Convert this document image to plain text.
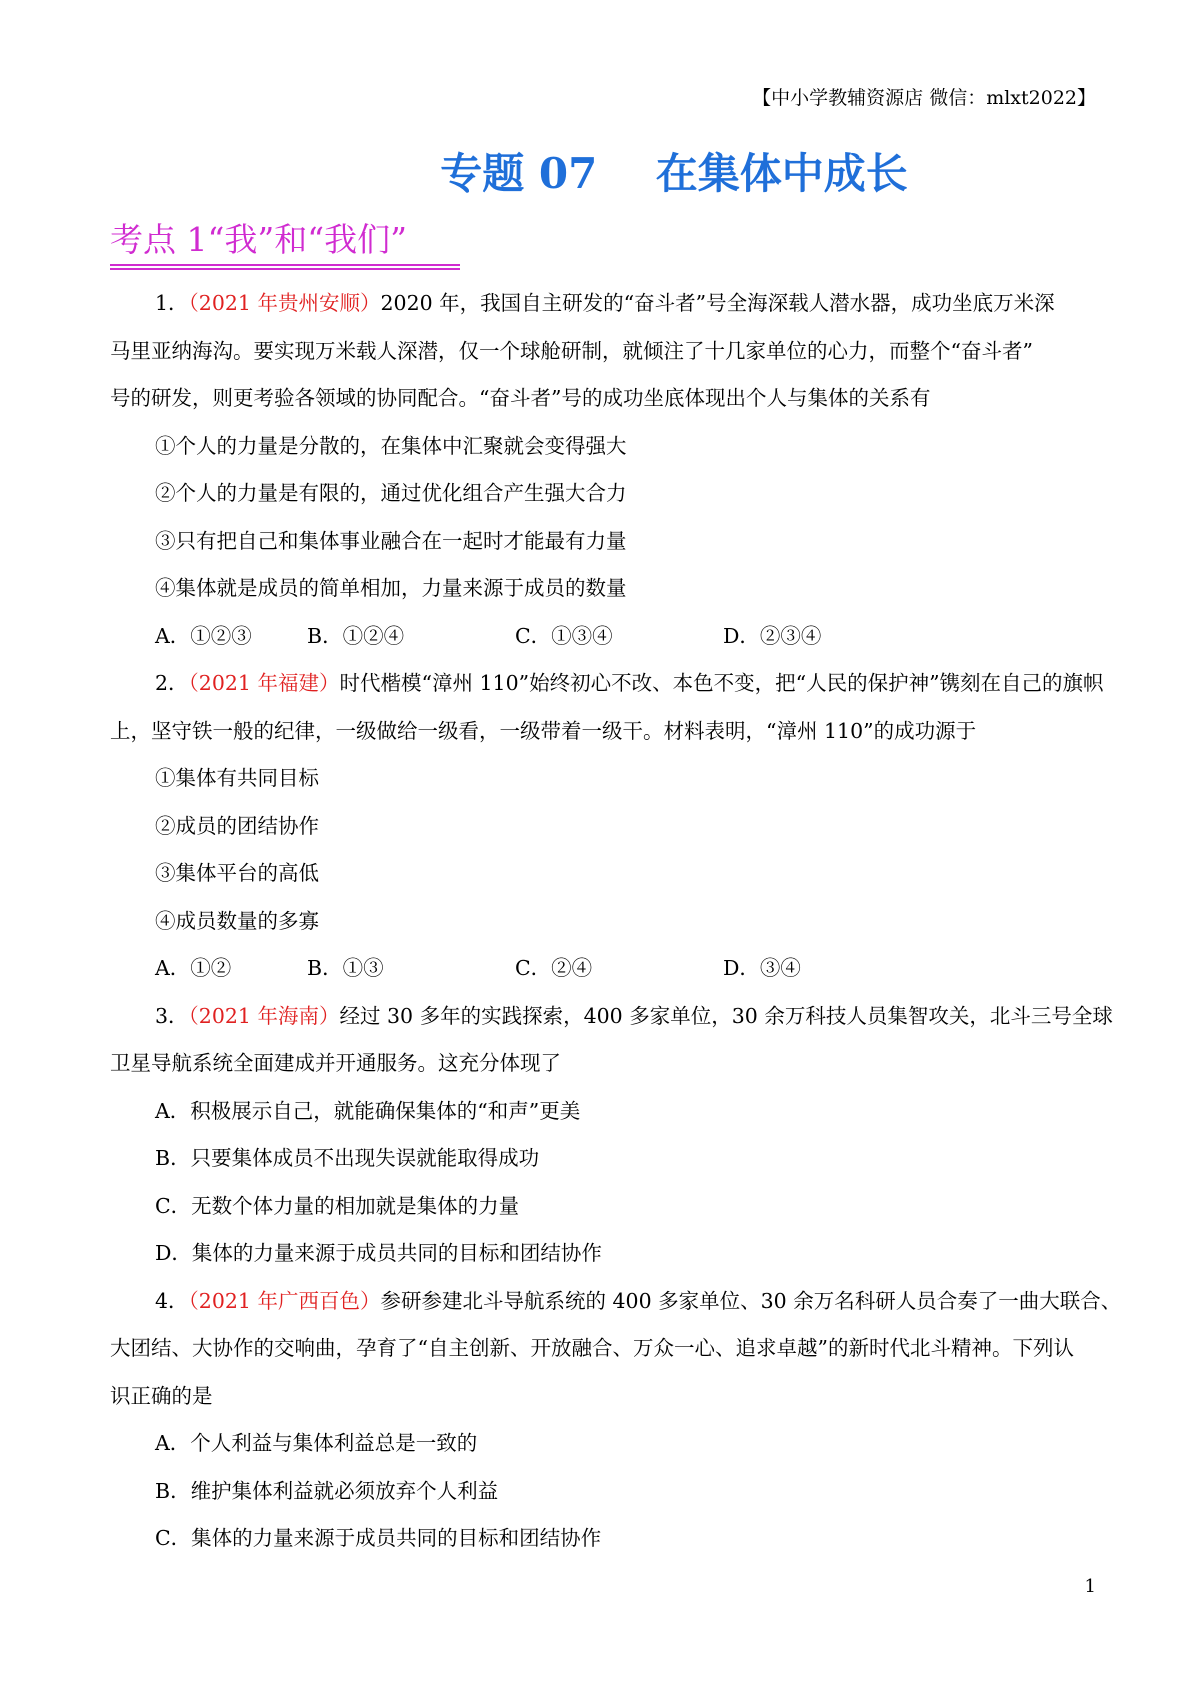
【中小学教辅资源店 微信：mlxt2022】
专题 07    在集体中成长
考点 1“我”和“我们”
1．（2021 年贵州安顺）2020 年，我国自主研发的“奋斗者”号全海深载人潜水器，成功坐底万米深
马里亚纳海沟。要实现万米载人深潜，仅一个球舱研制，就倾注了十几家单位的心力，而整个“奋斗者”
号的研发，则更考验各领域的协同配合。“奋斗者”号的成功坐底体现出个人与集体的关系有
①个人的力量是分散的，在集体中汇聚就会变得强大
②个人的力量是有限的，通过优化组合产生强大合力
③只有把自己和集体事业融合在一起时才能最有力量
④集体就是成员的简单相加，力量来源于成员的数量
A．①②③	B．①②④	C．①③④	D．②③④
2．（2021 年福建）时代楷模“漳州 110”始终初心不改、本色不变，把“人民的保护神”镌刻在自己的旗帜
上，坚守铁一般的纪律，一级做给一级看，一级带着一级干。材料表明，“漳州 110”的成功源于
①集体有共同目标
②成员的团结协作
③集体平台的高低
④成员数量的多寡
A．①②	B．①③	C．②④	D．③④
3．（2021 年海南）经过 30 多年的实践探索，400 多家单位，30 余万科技人员集智攻关，北斗三号全球
卫星导航系统全面建成并开通服务。这充分体现了
A．积极展示自己，就能确保集体的“和声”更美
B．只要集体成员不出现失误就能取得成功
C．无数个体力量的相加就是集体的力量
D．集体的力量来源于成员共同的目标和团结协作
4．（2021 年广西百色）参研参建北斗导航系统的 400 多家单位、30 余万名科研人员合奏了一曲大联合、
大团结、大协作的交响曲，孕育了“自主创新、开放融合、万众一心、追求卓越”的新时代北斗精神。下列认
识正确的是
A．个人利益与集体利益总是一致的
B．维护集体利益就必须放弃个人利益
C．集体的力量来源于成员共同的目标和团结协作
1
